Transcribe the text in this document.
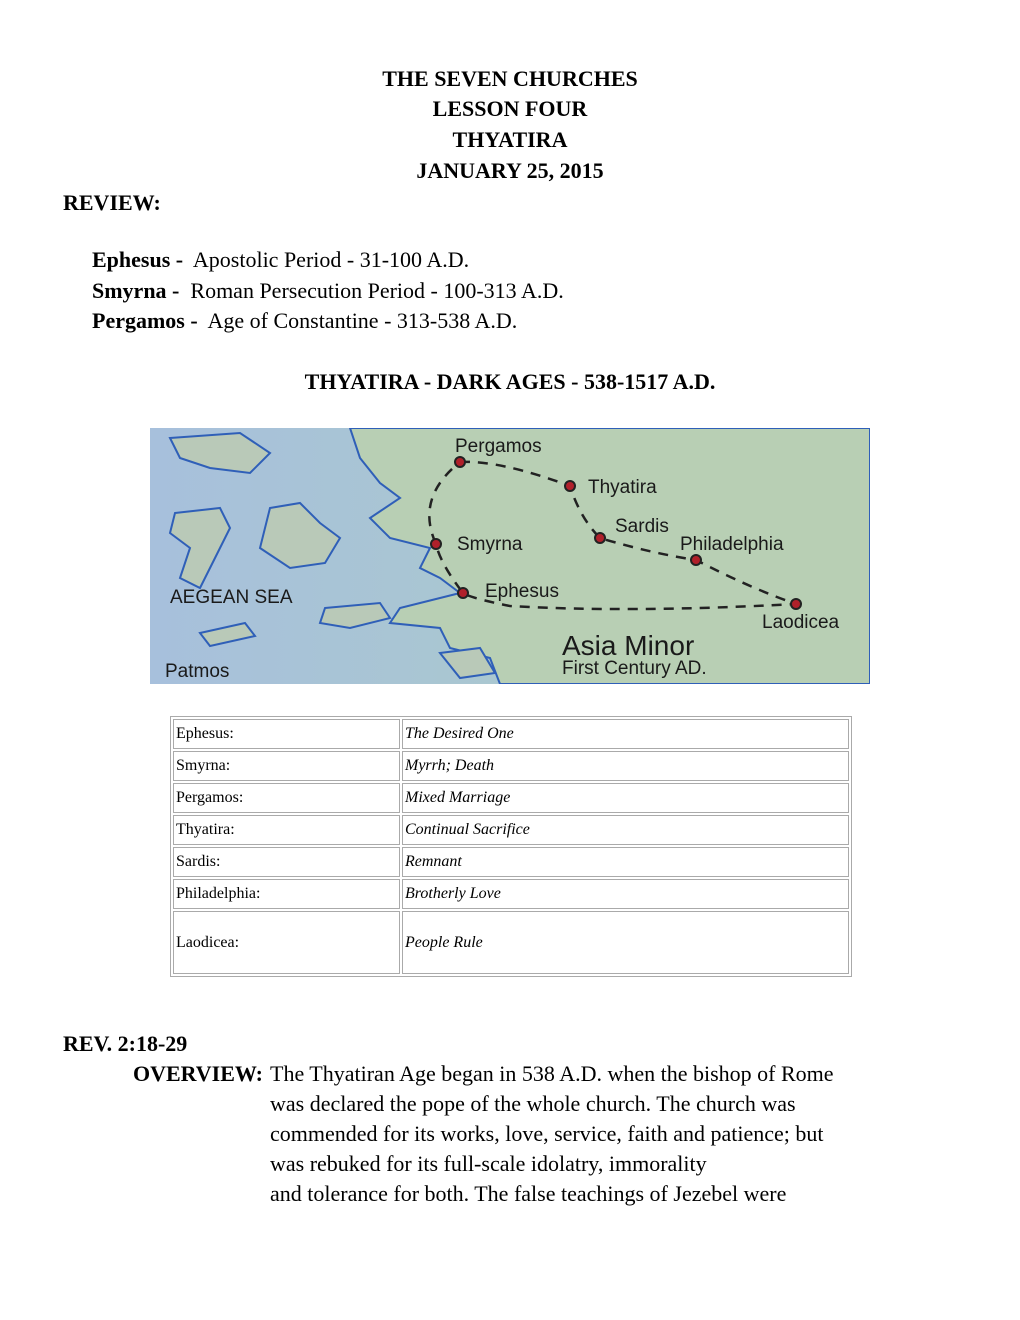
THE SEVEN CHURCHES
LESSON FOUR
THYATIRA
JANUARY 25, 2015
REVIEW:
Ephesus - Apostolic Period - 31-100 A.D.
Smyrna - Roman Persecution Period - 100-313 A.D.
Pergamos - Age of Constantine - 313-538 A.D.
THYATIRA - DARK AGES - 538-1517 A.D.
Pergamos
Thyatira
Sardis
Smyrna	Philadelphia
Ephesus
Laodicea
AEGEAN SEA
Patmos
Asia Minor
First Century AD.
Ephesus:	The Desired One
Smyrna:	Myrrh; Death
Pergamos:	Mixed Marriage
Thyatira:	Continual Sacrifice
Sardis:	Remnant
Philadelphia:	Brotherly Love
Laodicea:	People Rule
REV. 2:18-29
OVERVIEW: The Thyatiran Age began in 538 A.D. when the bishop of Rome
was declared the pope of the whole church. The church was
commended for its works, love, service, faith and patience; but
was rebuked for its full-scale idolatry, immorality
and tolerance for both. The false teachings of Jezebel were
